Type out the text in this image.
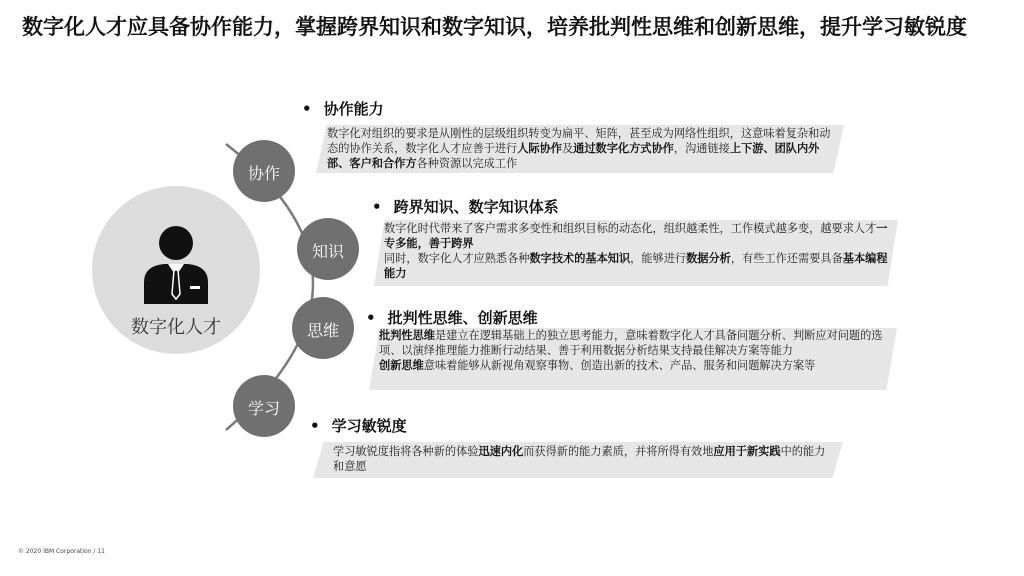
数字化人才应具备协作能力，掌握跨界知识和数字知识，培养批判性思维和创新思维，提升学习敏锐度
数字化人才
协作
知识
思维
学习
• 协作能力
数字化对组织的要求是从刚性的层级组织转变为扁平、矩阵，甚至成为网络性组织，这意味着复杂和动态的协作关系，数字化人才应善于进行人际协作及通过数字化方式协作，沟通链接上下游、团队内外部、客户和合作方各种资源以完成工作
• 跨界知识、数字知识体系
数字化时代带来了客户需求多变性和组织目标的动态化，组织越柔性，工作模式越多变，越要求人才一专多能，善于跨界
同时，数字化人才应熟悉各种数字技术的基本知识，能够进行数据分析，有些工作还需要具备基本编程能力
• 批判性思维、创新思维
批判性思维是建立在逻辑基础上的独立思考能力，意味着数字化人才具备问题分析、判断应对问题的选项、以演绎推理能力推断行动结果、善于利用数据分析结果支持最佳解决方案等能力
创新思维意味着能够从新视角观察事物、创造出新的技术、产品、服务和问题解决方案等
• 学习敏锐度
学习敏锐度指将各种新的体验迅速内化而获得新的能力素质，并将所得有效地应用于新实践中的能力和意愿
© 2020 IBM Corporation / 11
